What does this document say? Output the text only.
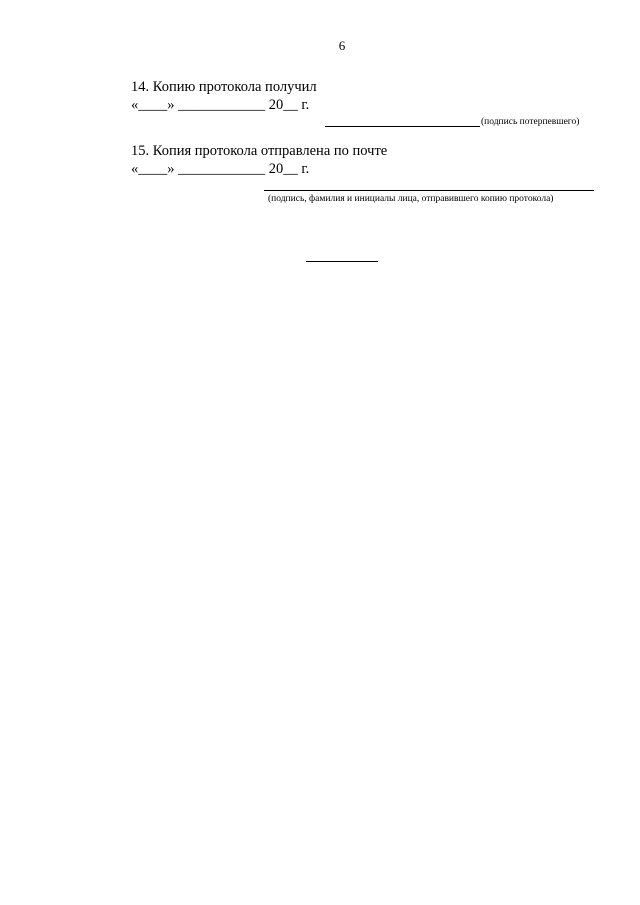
6
14. Копию протокола получил
«____» ____________ 20__ г.
(подпись потерпевшего)
15. Копия протокола отправлена по почте
«____» ____________ 20__ г.
(подпись, фамилия и инициалы лица, отправившего копию протокола)
